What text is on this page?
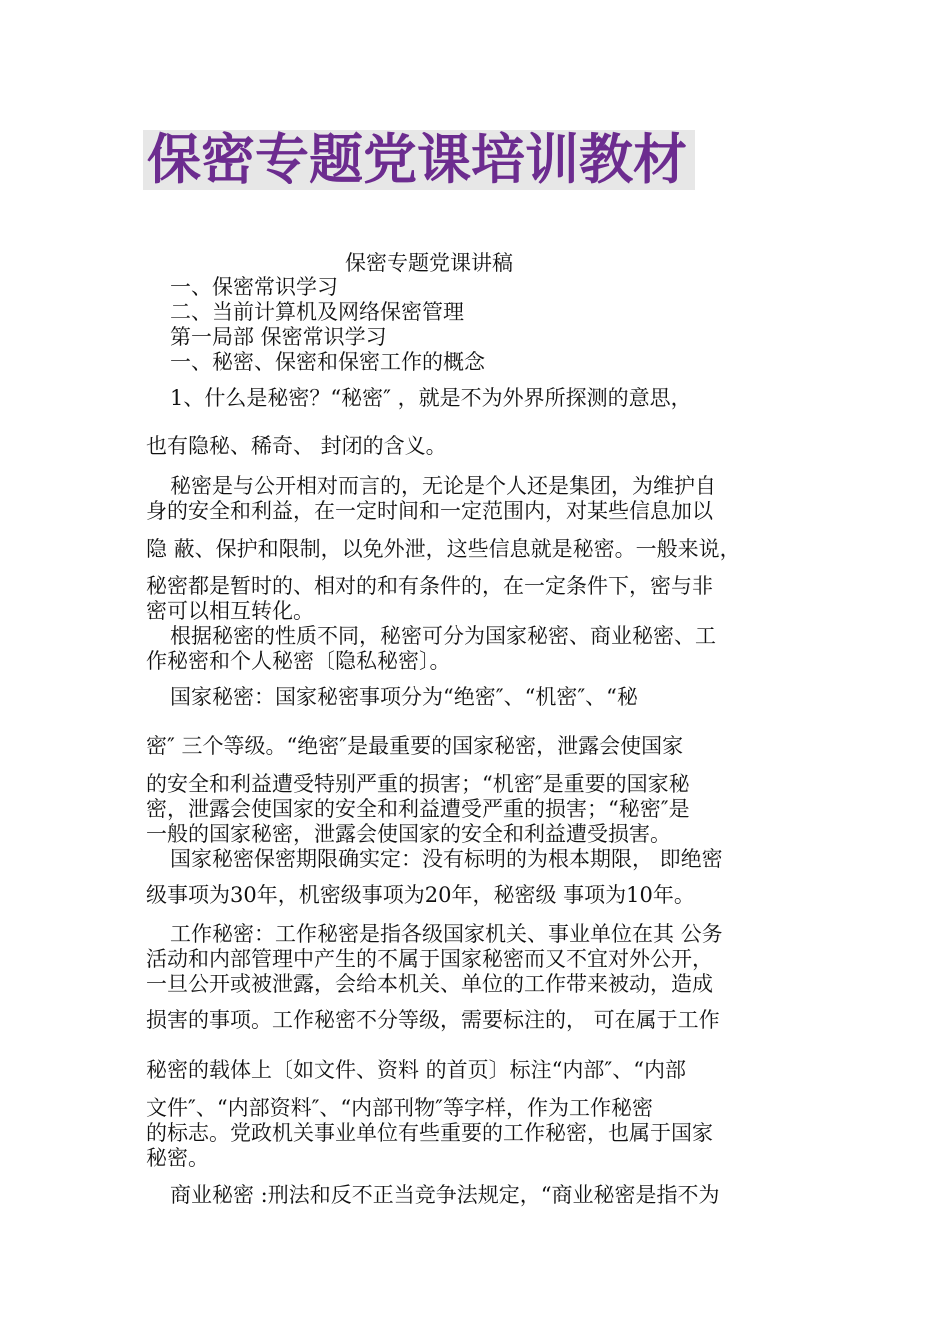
保密专题党课培训教材
保密专题党课讲稿
一、保密常识学习
二、当前计算机及网络保密管理
第一局部 保密常识学习
一、秘密、保密和保密工作的概念
1、什么是秘密？“秘密″ ，就是不为外界所探测的意思，
也有隐秘、稀奇、 封闭的含义。
秘密是与公开相对而言的，无论是个人还是集团，为维护自
身的安全和利益，在一定时间和一定范围内，对某些信息加以
隐 蔽、保护和限制，以免外泄，这些信息就是秘密。一般来说，
秘密都是暂时的、相对的和有条件的，在一定条件下，密与非
密可以相互转化。
根据秘密的性质不同，秘密可分为国家秘密、商业秘密、工
作秘密和个人秘密〔隐私秘密〕。
国家秘密：国家秘密事项分为“绝密″、“机密″、“秘
密″ 三个等级。“绝密″是最重要的国家秘密，泄露会使国家
的安全和利益遭受特别严重的损害；“机密″是重要的国家秘
密，泄露会使国家的安全和利益遭受严重的损害；“秘密″是
一般的国家秘密，泄露会使国家的安全和利益遭受损害。
国家秘密保密期限确实定：没有标明的为根本期限， 即绝密
级事项为30年，机密级事项为20年，秘密级 事项为10年。
工作秘密：工作秘密是指各级国家机关、事业单位在其 公务
活动和内部管理中产生的不属于国家秘密而又不宜对外公开，
一旦公开或被泄露，会给本机关、单位的工作带来被动，造成
损害的事项。工作秘密不分等级，需要标注的， 可在属于工作
秘密的载体上〔如文件、资料 的首页〕标注“内部″、“内部
文件″、“内部资料″、“内部刊物″等字样，作为工作秘密
的标志。党政机关事业单位有些重要的工作秘密，也属于国家
秘密。
商业秘密 :刑法和反不正当竞争法规定，“商业秘密是指不为
